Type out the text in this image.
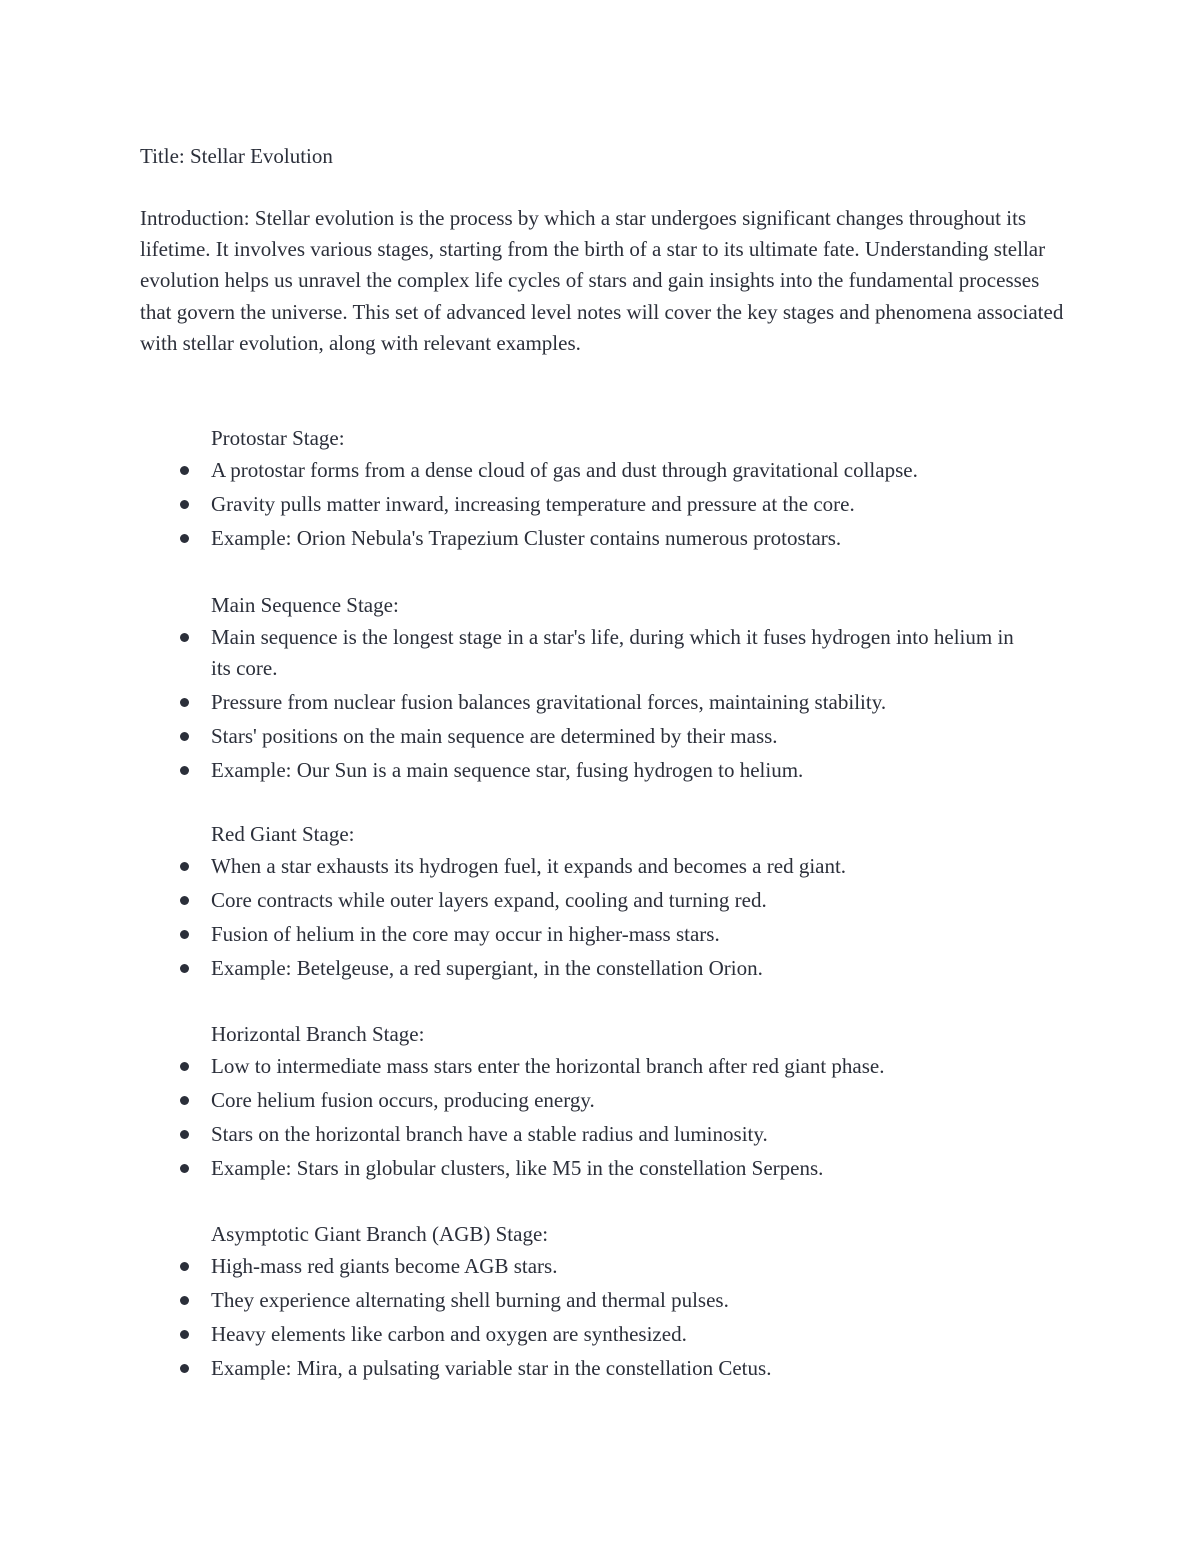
Title: Stellar Evolution

Introduction: Stellar evolution is the process by which a star undergoes significant changes throughout its lifetime. It involves various stages, starting from the birth of a star to its ultimate fate. Understanding stellar evolution helps us unravel the complex life cycles of stars and gain insights into the fundamental processes that govern the universe. This set of advanced level notes will cover the key stages and phenomena associated with stellar evolution, along with relevant examples.

Protostar Stage:
A protostar forms from a dense cloud of gas and dust through gravitational collapse.
Gravity pulls matter inward, increasing temperature and pressure at the core.
Example: Orion Nebula's Trapezium Cluster contains numerous protostars.
Main Sequence Stage:
Main sequence is the longest stage in a star's life, during which it fuses hydrogen into helium in its core.
Pressure from nuclear fusion balances gravitational forces, maintaining stability.
Stars' positions on the main sequence are determined by their mass.
Example: Our Sun is a main sequence star, fusing hydrogen to helium.
Red Giant Stage:
When a star exhausts its hydrogen fuel, it expands and becomes a red giant.
Core contracts while outer layers expand, cooling and turning red.
Fusion of helium in the core may occur in higher-mass stars.
Example: Betelgeuse, a red supergiant, in the constellation Orion.
Horizontal Branch Stage:
Low to intermediate mass stars enter the horizontal branch after red giant phase.
Core helium fusion occurs, producing energy.
Stars on the horizontal branch have a stable radius and luminosity.
Example: Stars in globular clusters, like M5 in the constellation Serpens.
Asymptotic Giant Branch (AGB) Stage:
High-mass red giants become AGB stars.
They experience alternating shell burning and thermal pulses.
Heavy elements like carbon and oxygen are synthesized.
Example: Mira, a pulsating variable star in the constellation Cetus.
